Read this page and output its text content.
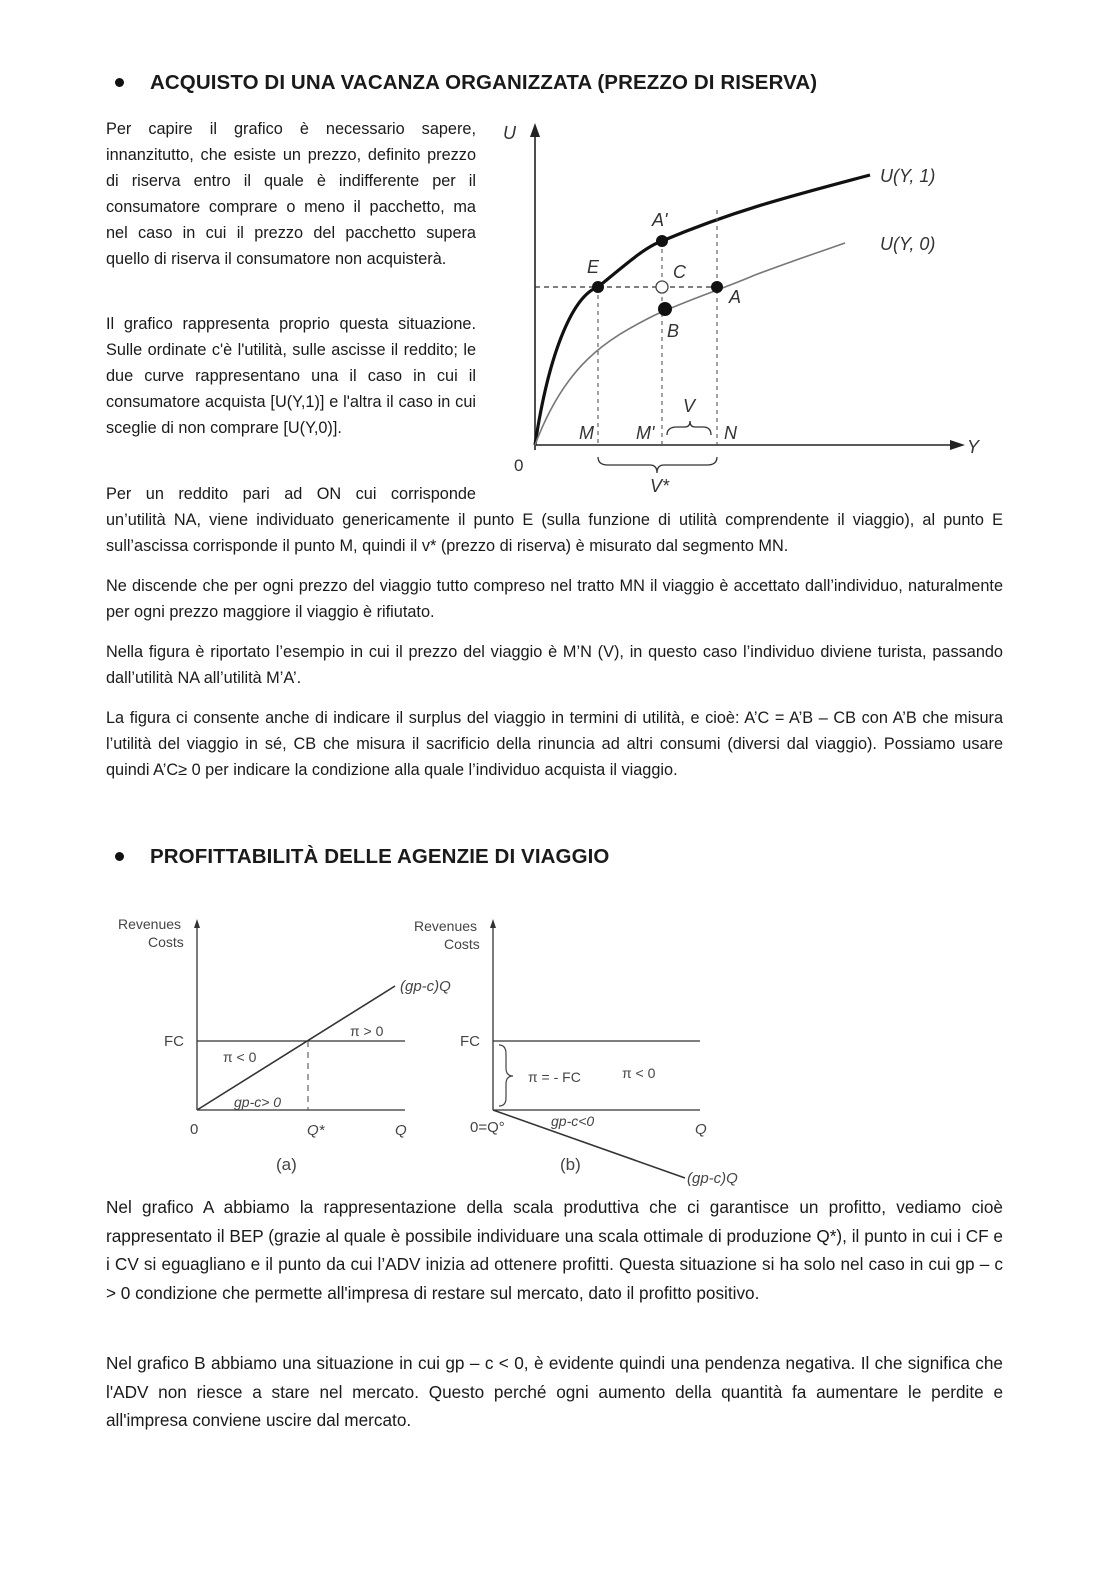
ACQUISTO DI UNA VACANZA ORGANIZZATA (PREZZO DI RISERVA)

Per capire il grafico è necessario sapere, innanzitutto, che esiste un prezzo, definito prezzo di riserva entro il quale è indifferente per il consumatore comprare o meno il pacchetto, ma nel caso in cui il prezzo del pacchetto supera quello di riserva il consumatore non acquisterà.

Il grafico rappresenta proprio questa situazione. Sulle ordinate c'è l'utilità, sulle ascisse il reddito; le due curve rappresentano una il caso in cui il consumatore acquista [U(Y,1)] e l'altra il caso in cui sceglie di non comprare [U(Y,0)].

Per un reddito pari ad ON cui corrisponde

un’utilità NA, viene individuato genericamente il punto E (sulla funzione di utilità comprendente il viaggio), al punto E sull’ascissa corrisponde il punto M, quindi il v* (prezzo di riserva) è misurato dal segmento MN.

Ne discende che per ogni prezzo del viaggio tutto compreso nel tratto MN il viaggio è accettato dall’individuo, naturalmente per ogni prezzo maggiore il viaggio è rifiutato.

Nella figura è riportato l’esempio in cui il prezzo del viaggio è M’N (V), in questo caso l’individuo diviene turista, passando dall’utilità NA all’utilità M’A’.

La figura ci consente anche di indicare il surplus del viaggio in termini di utilità, e cioè: A’C = A’B – CB con A’B che misura l’utilità del viaggio in sé, CB che misura il sacrificio della rinuncia ad altri consumi (diversi dal viaggio). Possiamo usare quindi A’C≥ 0 per indicare la condizione alla quale l’individuo acquista il viaggio.

U
Y
0
U(Y, 1)
U(Y, 0)
A'
E	C
A
B
M M'
V
N
V*
PROFITTABILITÀ DELLE AGENZIE DI VIAGGIO
Revenues
Costs
(gp-c)Q
FC
π > 0
π < 0
gp-c> 0
0	Q*	Q
(a)
Revenues
Costs
FC
π = - FC	π < 0
gp-c<0
0=Q°	Q
(b)
(gp-c)Q

Nel grafico A abbiamo la rappresentazione della scala produttiva che ci garantisce un profitto, vediamo cioè rappresentato il BEP (grazie al quale è possibile individuare una scala ottimale di produzione Q*), il punto in cui i CF e i CV si eguagliano e il punto da cui l’ADV inizia ad ottenere profitti. Questa situazione si ha solo nel caso in cui gp – c > 0 condizione che permette all'impresa di restare sul mercato, dato il profitto positivo.

Nel grafico B abbiamo una situazione in cui gp – c < 0, è evidente quindi una pendenza negativa. Il che significa che l'ADV non riesce a stare nel mercato. Questo perché ogni aumento della quantità fa aumentare le perdite e all'impresa conviene uscire dal mercato.
